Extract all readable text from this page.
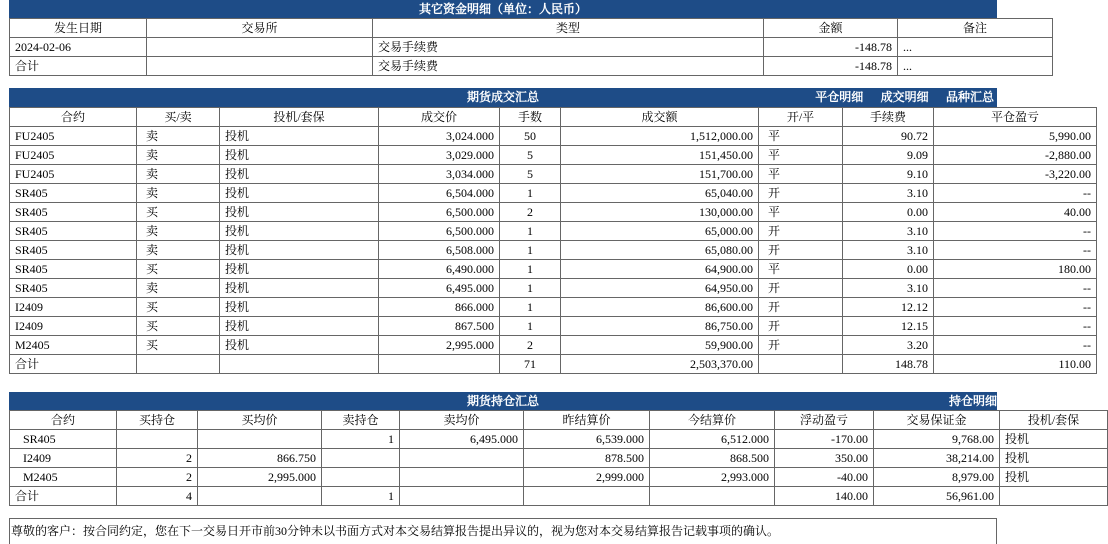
其它资金明细（单位：人民币）
发生日期	交易所	类型	金额	备注
2024-02-06		交易手续费	-148.78	...
合计		交易手续费	-148.78	...
期货成交汇总	平仓明细 成交明细 品种汇总
合约	买/卖	投机/套保	成交价	手数	成交额	开/平	手续费	平仓盈亏
FU2405	卖	投机	3,024.000	50	1,512,000.00	平	90.72	5,990.00
FU2405	卖	投机	3,029.000	5	151,450.00	平	9.09	-2,880.00
FU2405	卖	投机	3,034.000	5	151,700.00	平	9.10	-3,220.00
SR405	卖	投机	6,504.000	1	65,040.00	开	3.10	--
SR405	买	投机	6,500.000	2	130,000.00	平	0.00	40.00
SR405	卖	投机	6,500.000	1	65,000.00	开	3.10	--
SR405	卖	投机	6,508.000	1	65,080.00	开	3.10	--
SR405	买	投机	6,490.000	1	64,900.00	平	0.00	180.00
SR405	卖	投机	6,495.000	1	64,950.00	开	3.10	--
I2409	买	投机	866.000	1	86,600.00	开	12.12	--
I2409	买	投机	867.500	1	86,750.00	开	12.15	--
M2405	买	投机	2,995.000	2	59,900.00	开	3.20	--
合计				71	2,503,370.00		148.78	110.00
期货持仓汇总	持仓明细
合约	买持仓	买均价	卖持仓	卖均价	昨结算价	今结算价	浮动盈亏	交易保证金	投机/套保
SR405			1	6,495.000	6,539.000	6,512.000	-170.00	9,768.00	投机
I2409	2	866.750			878.500	868.500	350.00	38,214.00	投机
M2405	2	2,995.000			2,999.000	2,993.000	-40.00	8,979.00	投机
合计	4		1				140.00	56,961.00	
尊敬的客户：按合同约定，您在下一交易日开市前30分钟未以书面方式对本交易结算报告提出异议的，视为您对本交易结算报告记载事项的确认。
